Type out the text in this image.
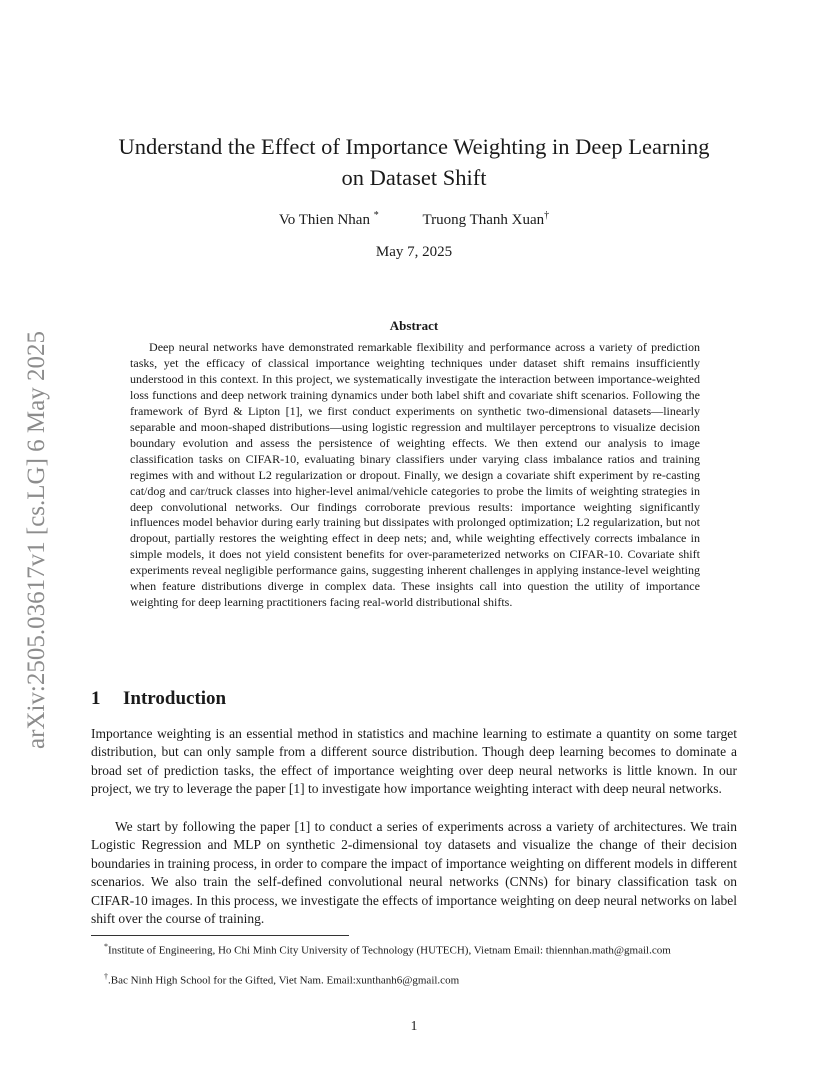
arXiv:2505.03617v1 [cs.LG] 6 May 2025
Understand the Effect of Importance Weighting in Deep Learning
on Dataset Shift
Vo Thien Nhan *	Truong Thanh Xuan†
May 7, 2025
Abstract

Deep neural networks have demonstrated remarkable flexibility and performance across a variety of prediction tasks, yet the efficacy of classical importance weighting techniques under dataset shift remains insufficiently understood in this context. In this project, we systematically investigate the interaction between importance-weighted loss functions and deep network training dynamics under both label shift and covariate shift scenarios. Following the framework of Byrd & Lipton [1], we first conduct experiments on synthetic two-dimensional datasets—linearly separable and moon-shaped distributions—using logistic regression and multilayer perceptrons to visualize decision boundary evolution and assess the persistence of weighting effects. We then extend our analysis to image classification tasks on CIFAR-10, evaluating binary classifiers under varying class imbalance ratios and training regimes with and without L2 regularization or dropout. Finally, we design a covariate shift experiment by re-casting cat/dog and car/truck classes into higher-level animal/vehicle categories to probe the limits of weighting strategies in deep convolutional networks. Our findings corroborate previous results: importance weighting significantly influences model behavior during early training but dissipates with prolonged optimization; L2 regularization, but not dropout, partially restores the weighting effect in deep nets; and, while weighting effectively corrects imbalance in simple models, it does not yield consistent benefits for over-parameterized networks on CIFAR-10. Covariate shift experiments reveal negligible performance gains, suggesting inherent challenges in applying instance-level weighting when feature distributions diverge in complex data. These insights call into question the utility of importance weighting for deep learning practitioners facing real-world distributional shifts.

1 Introduction

Importance weighting is an essential method in statistics and machine learning to estimate a quantity on some target distribution, but can only sample from a different source distribution. Though deep learning becomes to dominate a broad set of prediction tasks, the effect of importance weighting over deep neural networks is little known. In our project, we try to leverage the paper [1] to investigate how importance weighting interact with deep neural networks.

We start by following the paper [1] to conduct a series of experiments across a variety of architectures. We train Logistic Regression and MLP on synthetic 2-dimensional toy datasets and visualize the change of their decision boundaries in training process, in order to compare the impact of importance weighting on different models in different scenarios. We also train the self-defined convolutional neural networks (CNNs) for binary classification task on CIFAR-10 images. In this process, we investigate the effects of importance weighting on deep neural networks on label shift over the course of training.

*Institute of Engineering, Ho Chi Minh City University of Technology (HUTECH), Vietnam Email: thiennhan.math@gmail.com

†.Bac Ninh High School for the Gifted, Viet Nam. Email:xunthanh6@gmail.com

1
